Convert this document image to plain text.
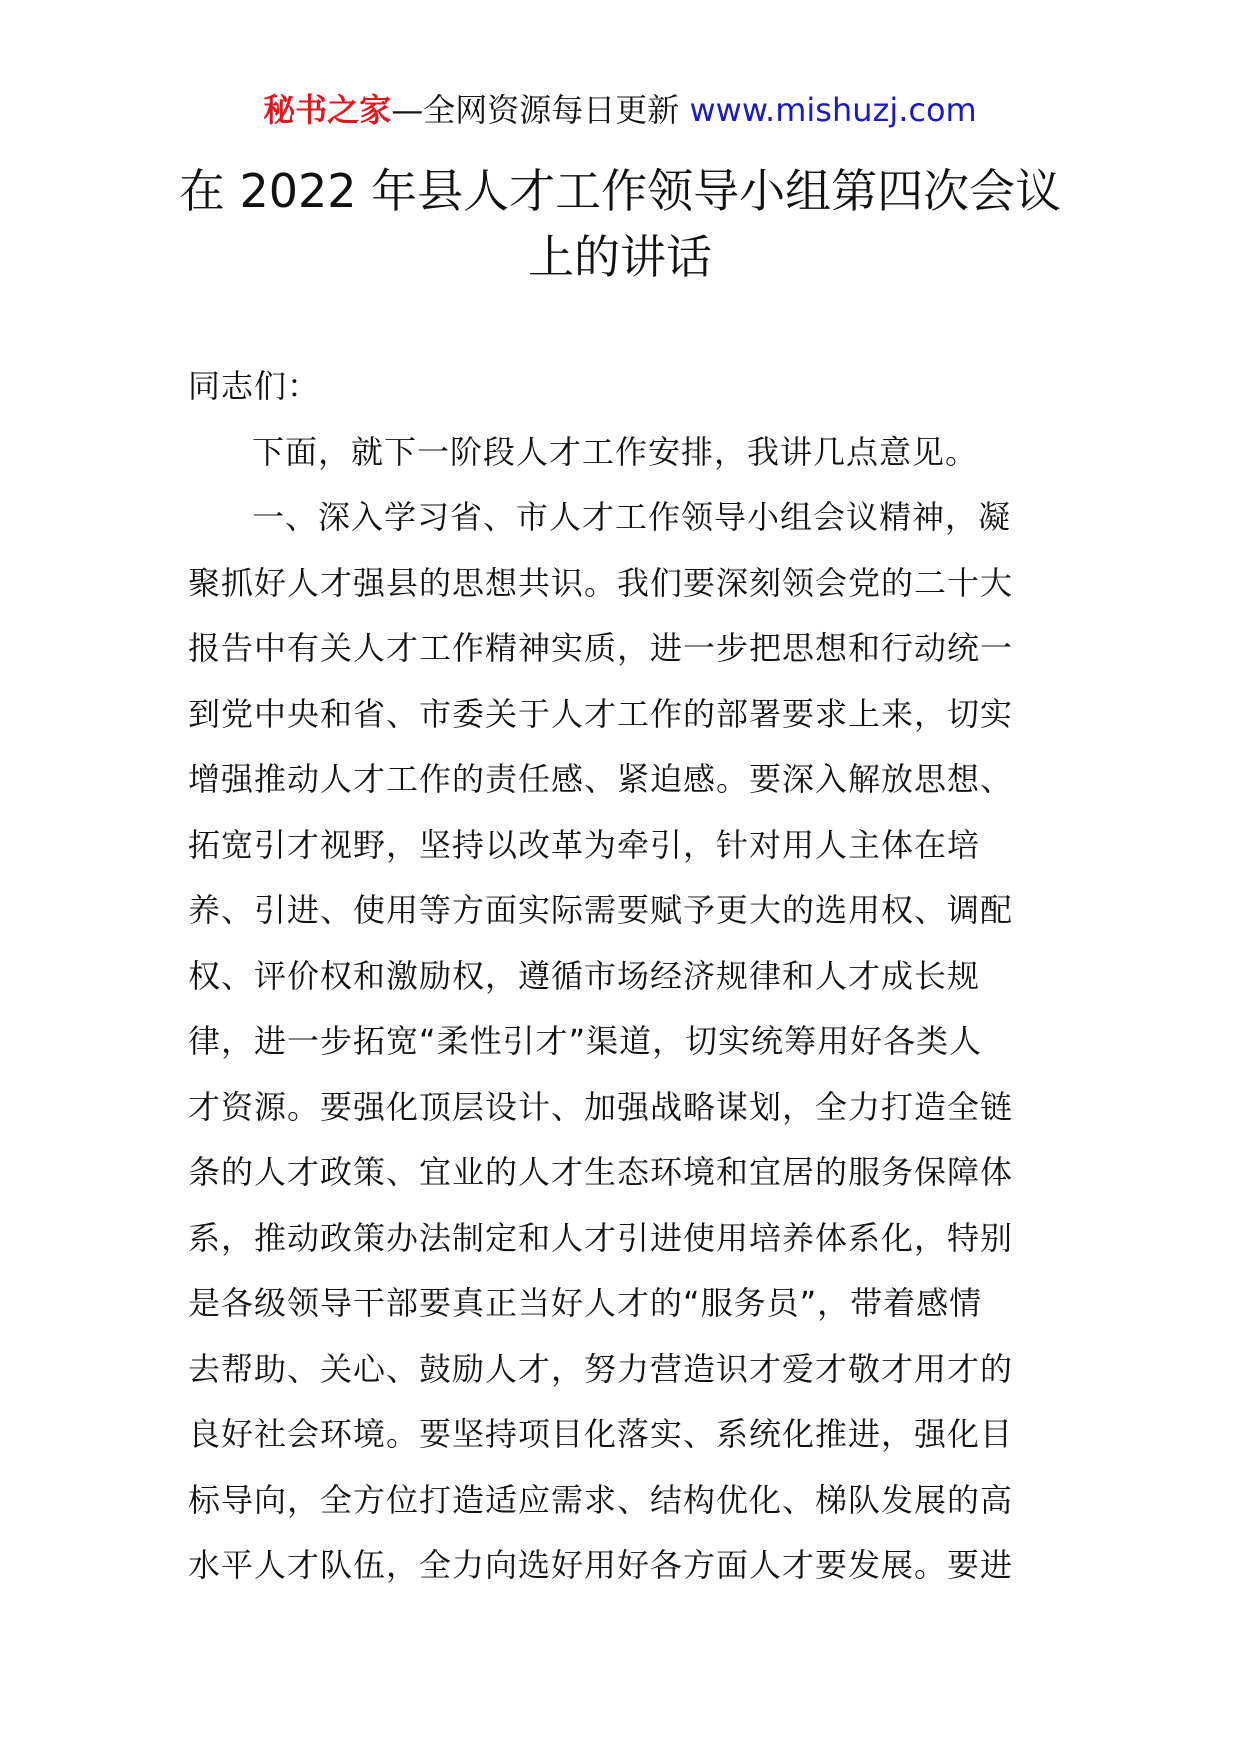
秘书之家—全网资源每日更新 www.mishuzj.com
在 2022 年县人才工作领导小组第四次会议
上的讲话
同志们：
下面，就下一阶段人才工作安排，我讲几点意见。
一、深入学习省、市人才工作领导小组会议精神，凝
聚抓好人才强县的思想共识。我们要深刻领会党的二十大
报告中有关人才工作精神实质，进一步把思想和行动统一
到党中央和省、市委关于人才工作的部署要求上来，切实
增强推动人才工作的责任感、紧迫感。要深入解放思想、
拓宽引才视野，坚持以改革为牵引，针对用人主体在培
养、引进、使用等方面实际需要赋予更大的选用权、调配
权、评价权和激励权，遵循市场经济规律和人才成长规
律，进一步拓宽“柔性引才”渠道，切实统筹用好各类人
才资源。要强化顶层设计、加强战略谋划，全力打造全链
条的人才政策、宜业的人才生态环境和宜居的服务保障体
系，推动政策办法制定和人才引进使用培养体系化，特别
是各级领导干部要真正当好人才的“服务员”，带着感情
去帮助、关心、鼓励人才，努力营造识才爱才敬才用才的
良好社会环境。要坚持项目化落实、系统化推进，强化目
标导向，全方位打造适应需求、结构优化、梯队发展的高
水平人才队伍，全力向选好用好各方面人才要发展。要进
